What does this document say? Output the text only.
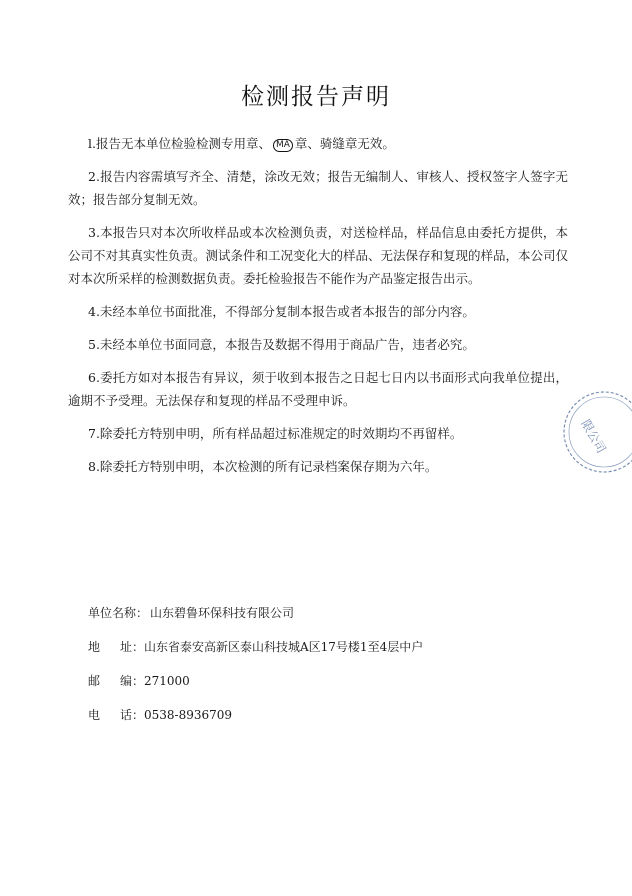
检测报告声明

l.报告无本单位检验检测专用章、 MA 章、骑缝章无效。

2.报告内容需填写齐全、清楚，涂改无效；报告无编制人、审核人、授权签字人签字无效；报告部分复制无效。

3.本报告只对本次所收样品或本次检测负责，对送检样品，样品信息由委托方提供，本公司不对其真实性负责。测试条件和工况变化大的样品、无法保存和复现的样品，本公司仅对本次所采样的检测数据负责。委托检验报告不能作为产品鉴定报告出示。

4.未经本单位书面批准，不得部分复制本报告或者本报告的部分内容。

5.未经本单位书面同意，本报告及数据不得用于商品广告，违者必究。

6.委托方如对本报告有异议，须于收到本报告之日起七日内以书面形式向我单位提出，逾期不予受理。无法保存和复现的样品不受理申诉。

7.除委托方特别申明，所有样品超过标准规定的时效期均不再留样。

8.除委托方特别申明，本次检测的所有记录档案保存期为六年。

单位名称： 山东碧鲁环保科技有限公司
地 址： 山东省泰安高新区泰山科技城A区17号楼1至4层中户
邮 编： 271000
电 话： 0538-8936709
限公司
